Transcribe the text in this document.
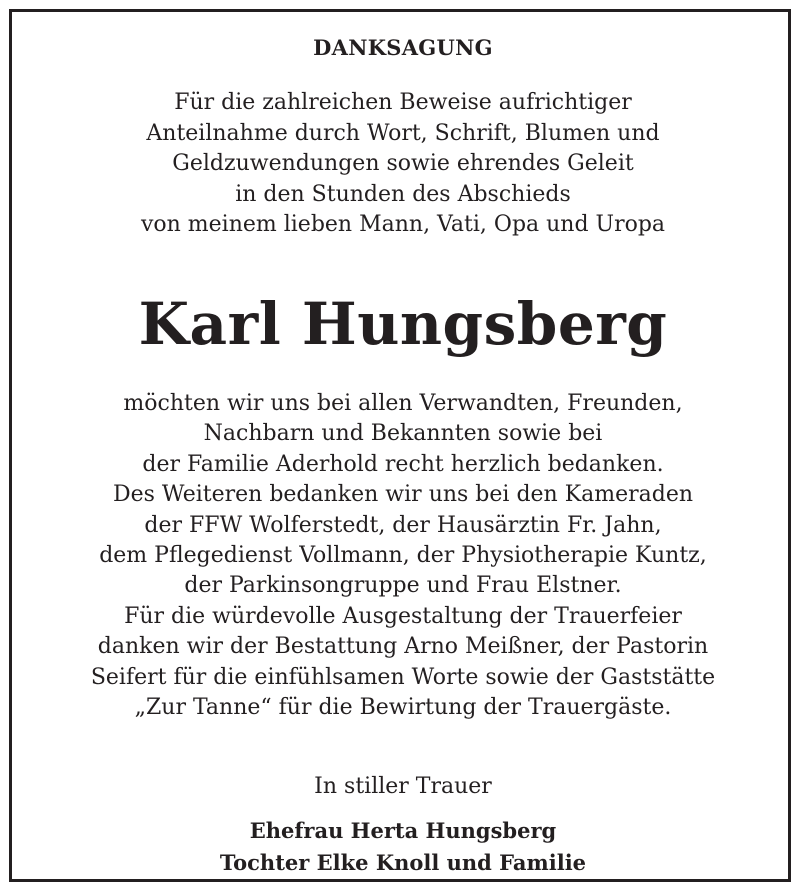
DANKSAGUNG
Für die zahlreichen Beweise aufrichtiger
Anteilnahme durch Wort, Schrift, Blumen und
Geldzuwendungen sowie ehrendes Geleit
in den Stunden des Abschieds
von meinem lieben Mann, Vati, Opa und Uropa
Karl Hungsberg
möchten wir uns bei allen Verwandten, Freunden,
Nachbarn und Bekannten sowie bei
der Familie Aderhold recht herzlich bedanken.
Des Weiteren bedanken wir uns bei den Kameraden
der FFW Wolferstedt, der Hausärztin Fr. Jahn,
dem Pflegedienst Vollmann, der Physiotherapie Kuntz,
der Parkinsongruppe und Frau Elstner.
Für die würdevolle Ausgestaltung der Trauerfeier
danken wir der Bestattung Arno Meißner, der Pastorin
Seifert für die einfühlsamen Worte sowie der Gaststätte
„Zur Tanne“ für die Bewirtung der Trauergäste.
In stiller Trauer
Ehefrau Herta Hungsberg
Tochter Elke Knoll und Familie
